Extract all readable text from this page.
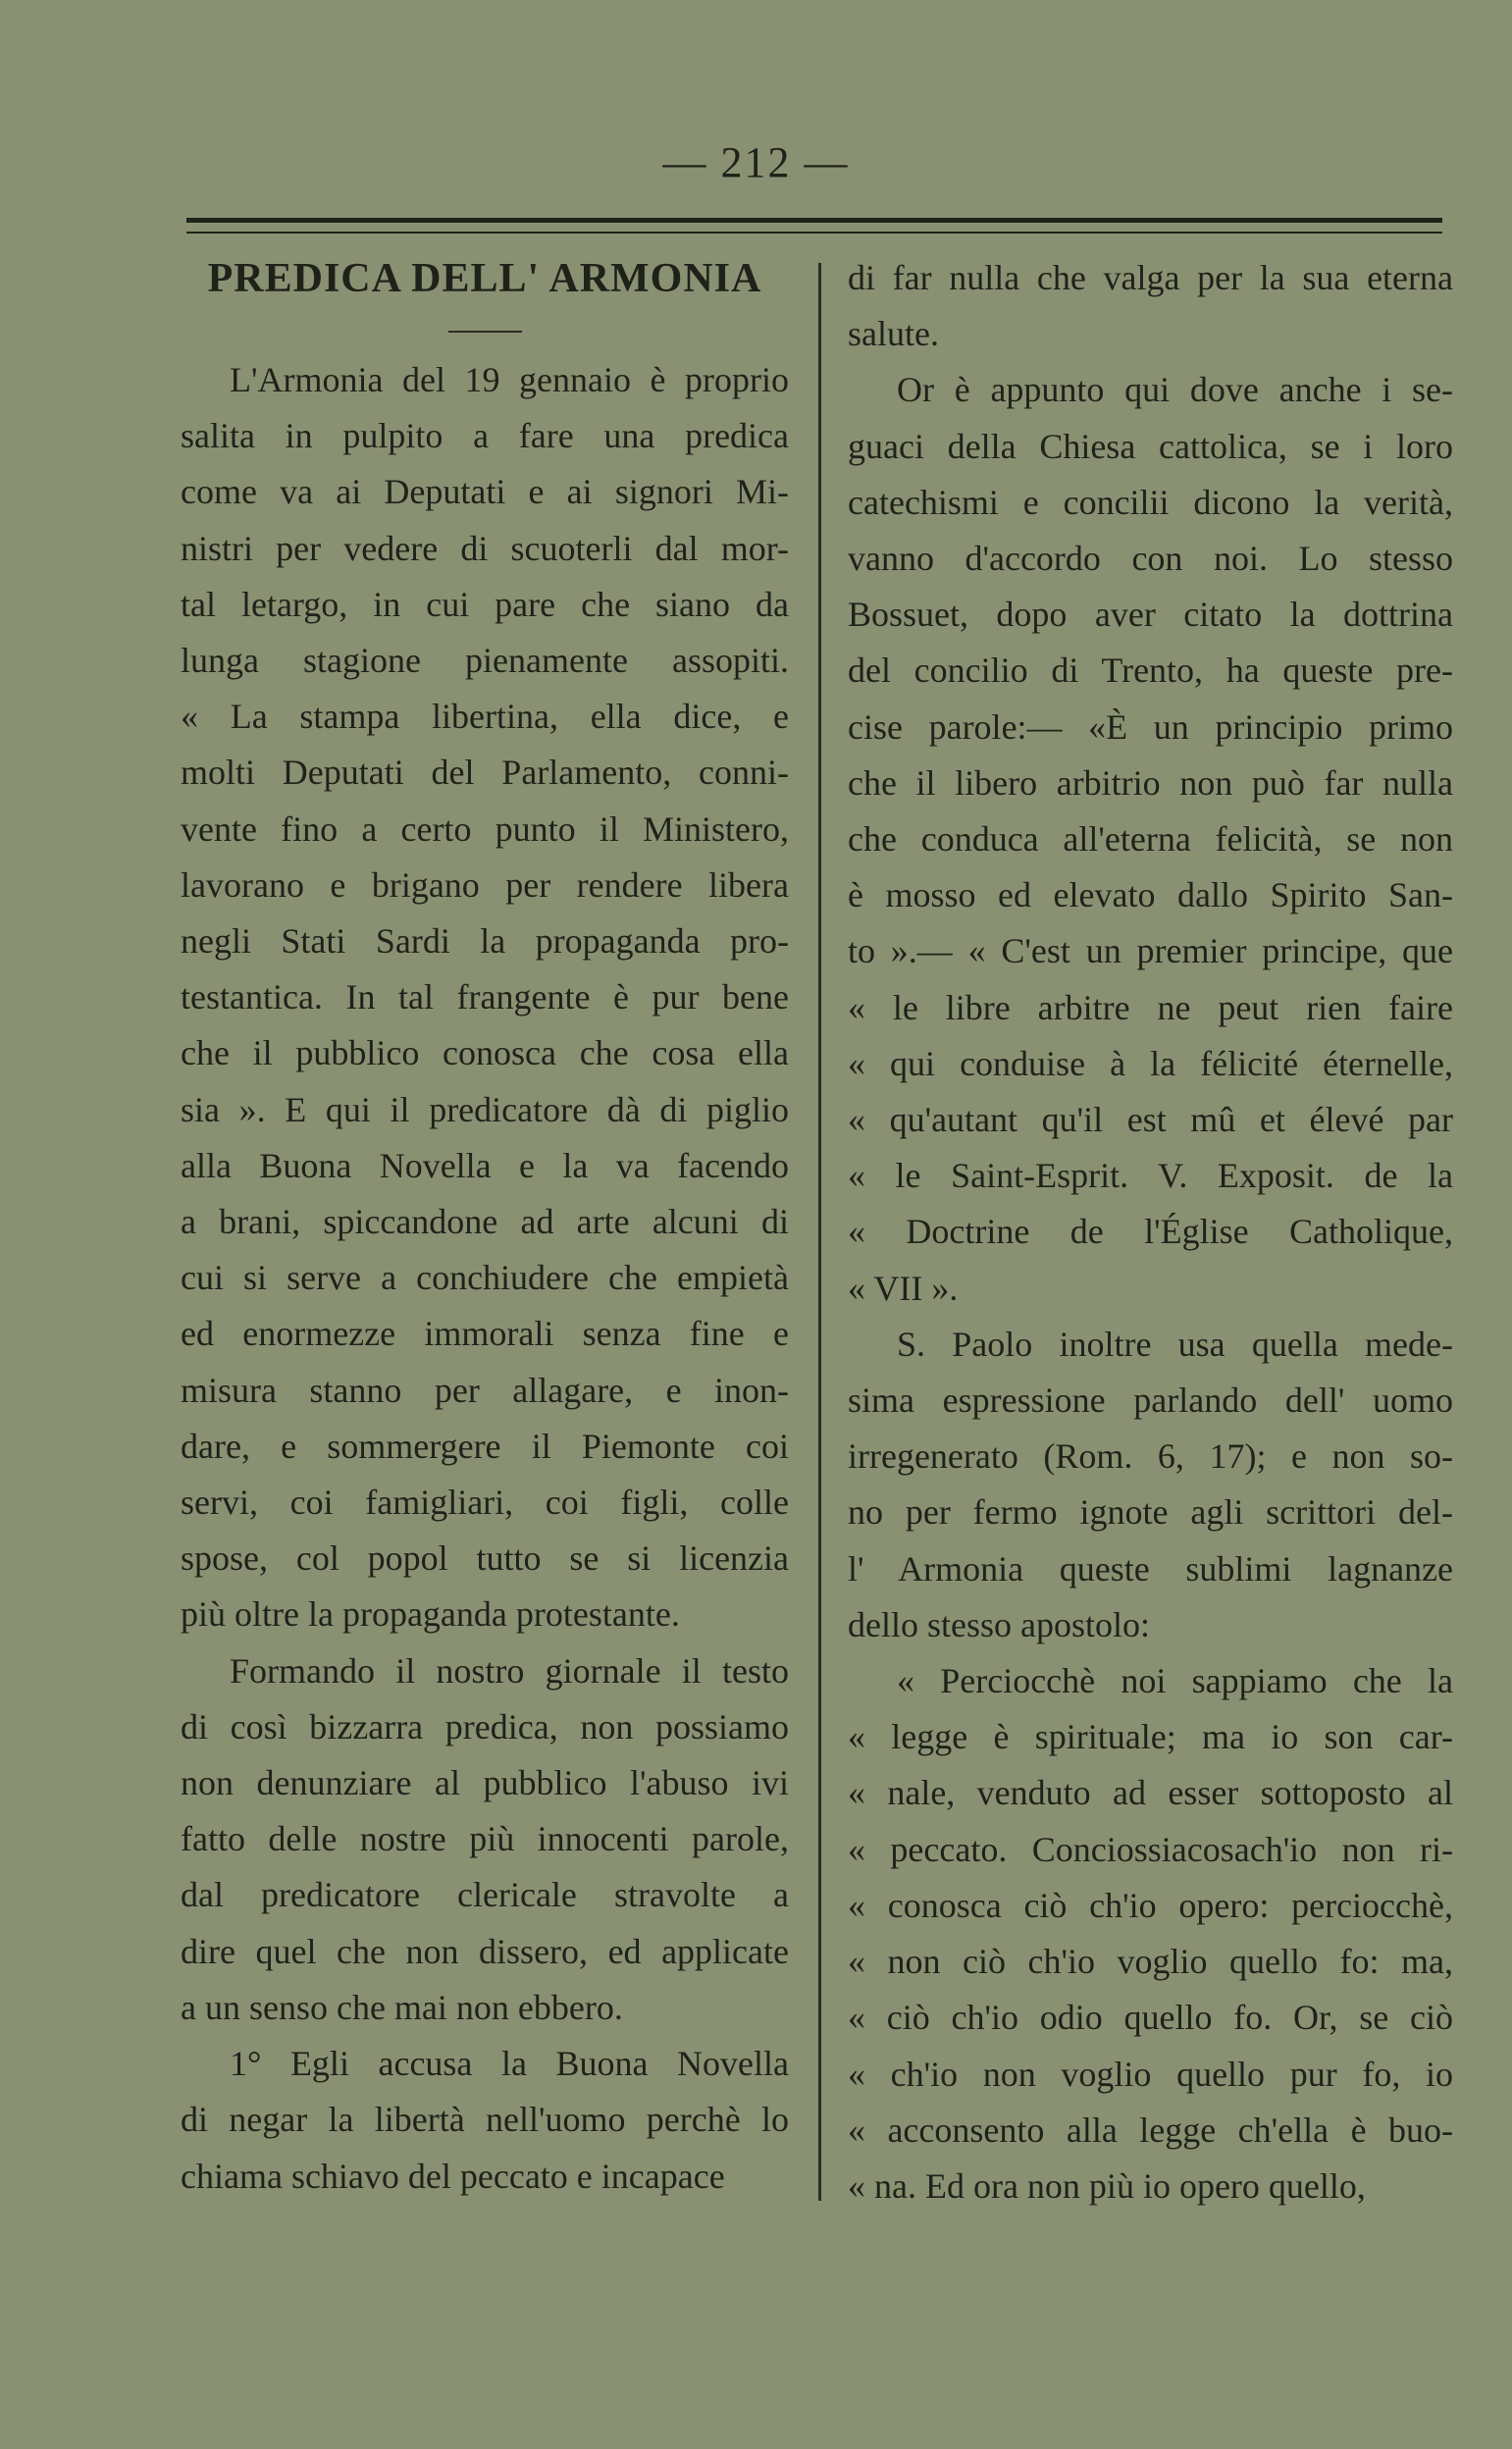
— 212 —
PREDICA DELL' ARMONIA
L'Armonia del 19 gennaio è proprio
salita in pulpito a fare una predica
come va ai Deputati e ai signori Mi-
nistri per vedere di scuoterli dal mor-
tal letargo, in cui pare che siano da
lunga stagione pienamente assopiti.
« La stampa libertina, ella dice, e
molti Deputati del Parlamento, conni-
vente fino a certo punto il Ministero,
lavorano e brigano per rendere libera
negli Stati Sardi la propaganda pro-
testantica. In tal frangente è pur bene
che il pubblico conosca che cosa ella
sia ». E qui il predicatore dà di piglio
alla Buona Novella e la va facendo
a brani, spiccandone ad arte alcuni di
cui si serve a conchiudere che empietà
ed enormezze immorali senza fine e
misura stanno per allagare, e inon-
dare, e sommergere il Piemonte coi
servi, coi famigliari, coi figli, colle
spose, col popol tutto se si licenzia
più oltre la propaganda protestante.
Formando il nostro giornale il testo
di così bizzarra predica, non possiamo
non denunziare al pubblico l'abuso ivi
fatto delle nostre più innocenti parole,
dal predicatore clericale stravolte a
dire quel che non dissero, ed applicate
a un senso che mai non ebbero.
1° Egli accusa la Buona Novella
di negar la libertà nell'uomo perchè lo
chiama schiavo del peccato e incapace
di far nulla che valga per la sua eterna
salute.
Or è appunto qui dove anche i se-
guaci della Chiesa cattolica, se i loro
catechismi e concilii dicono la verità,
vanno d'accordo con noi. Lo stesso
Bossuet, dopo aver citato la dottrina
del concilio di Trento, ha queste pre-
cise parole:— «È un principio primo
che il libero arbitrio non può far nulla
che conduca all'eterna felicità, se non
è mosso ed elevato dallo Spirito San-
to ».— « C'est un premier principe, que
« le libre arbitre ne peut rien faire
« qui conduise à la félicité éternelle,
« qu'autant qu'il est mû et élevé par
« le Saint-Esprit. V. Exposit. de la
« Doctrine de l'Église Catholique,
« VII ».
S. Paolo inoltre usa quella mede-
sima espressione parlando dell' uomo
irregenerato (Rom. 6, 17); e non so-
no per fermo ignote agli scrittori del-
l' Armonia queste sublimi lagnanze
dello stesso apostolo:
« Perciocchè noi sappiamo che la
« legge è spirituale; ma io son car-
« nale, venduto ad esser sottoposto al
« peccato. Conciossiacosach'io non ri-
« conosca ciò ch'io opero: perciocchè,
« non ciò ch'io voglio quello fo: ma,
« ciò ch'io odio quello fo. Or, se ciò
« ch'io non voglio quello pur fo, io
« acconsento alla legge ch'ella è buo-
« na. Ed ora non più io opero quello,
